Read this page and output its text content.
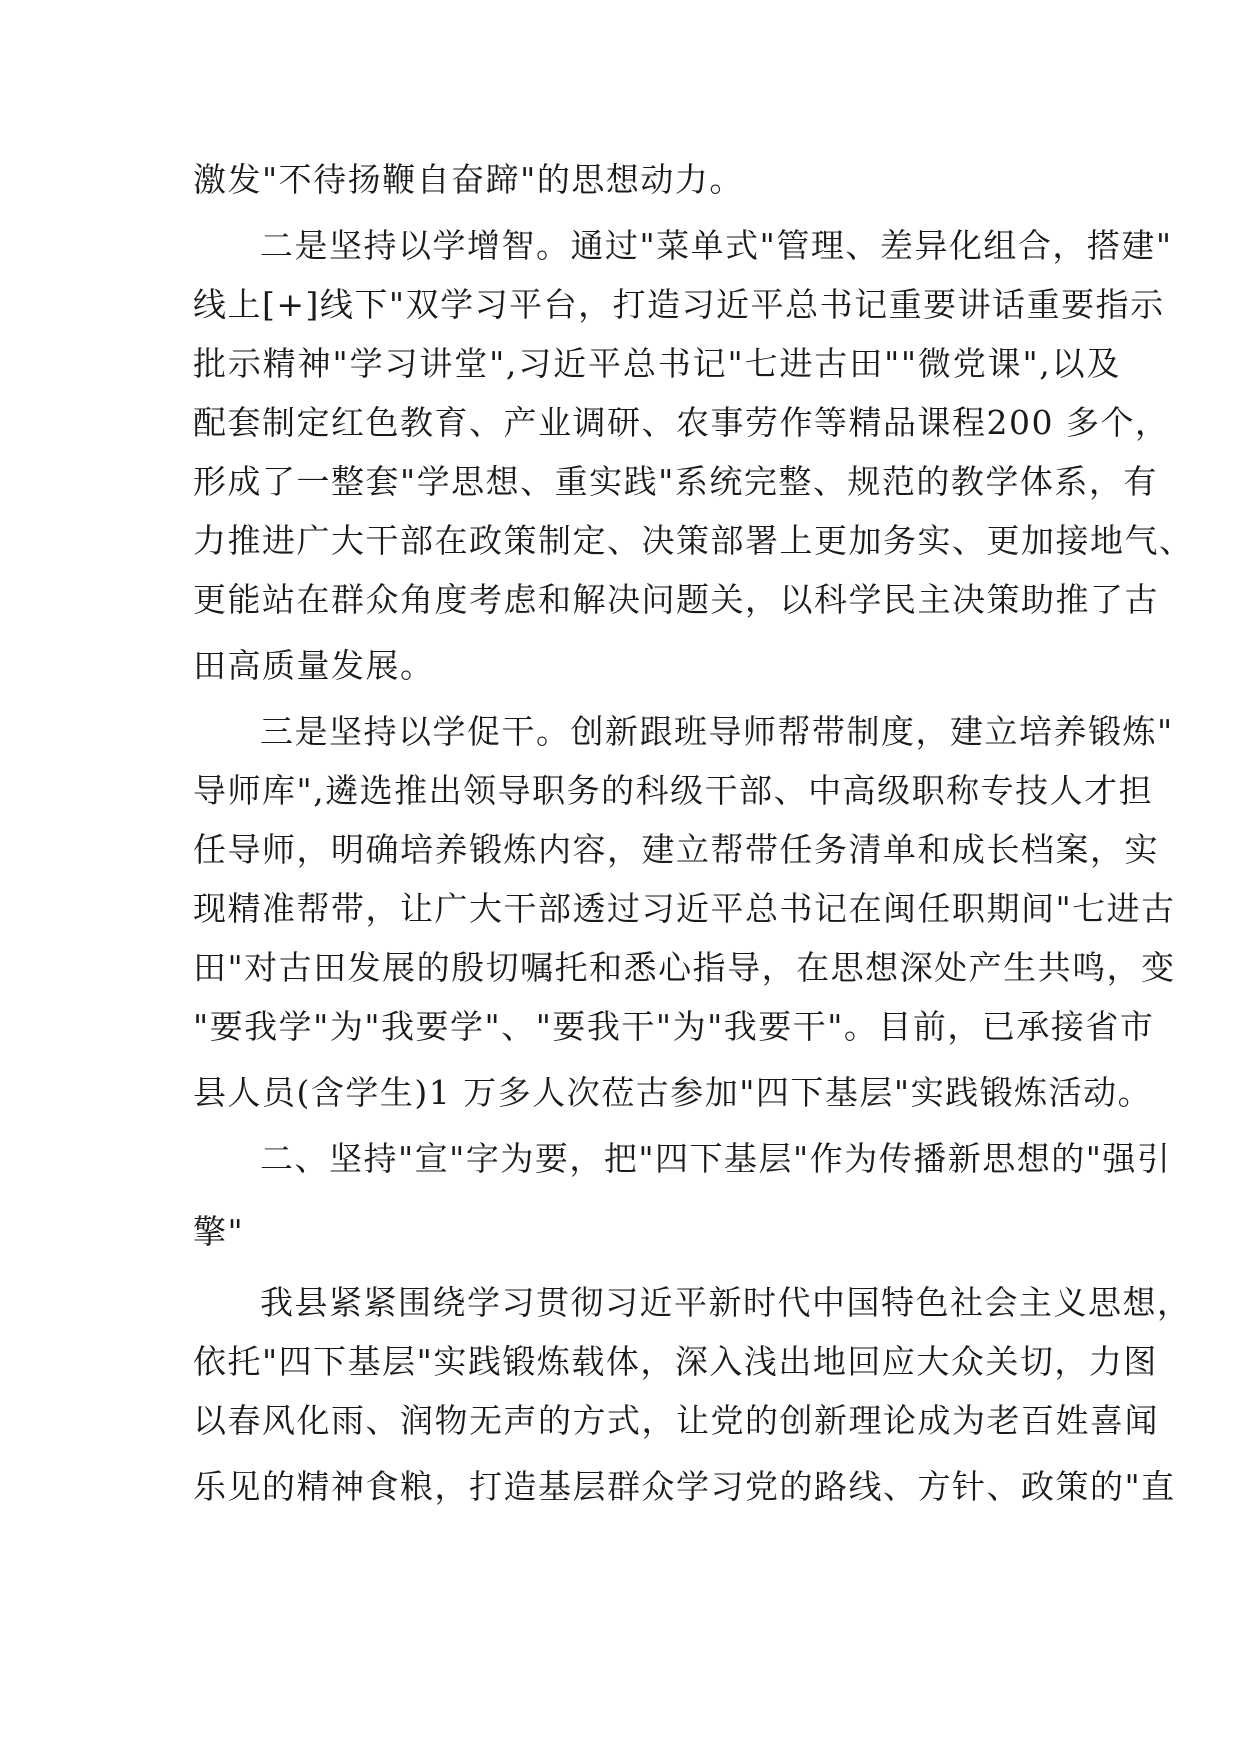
激发"不待扬鞭自奋蹄"的思想动力。
二是坚持以学增智。通过"菜单式"管理、差异化组合，搭建"
线上[+]线下"双学习平台，打造习近平总书记重要讲话重要指示
批示精神"学习讲堂",习近平总书记"七进古田""微党课",以及
配套制定红色教育、产业调研、农事劳作等精品课程200 多个，
形成了一整套"学思想、重实践"系统完整、规范的教学体系，有
力推进广大干部在政策制定、决策部署上更加务实、更加接地气、
更能站在群众角度考虑和解决问题关，以科学民主决策助推了古
田高质量发展。
三是坚持以学促干。创新跟班导师帮带制度，建立培养锻炼"
导师库",遴选推出领导职务的科级干部、中高级职称专技人才担
任导师，明确培养锻炼内容，建立帮带任务清单和成长档案，实
现精准帮带，让广大干部透过习近平总书记在闽任职期间"七进古
田"对古田发展的殷切嘱托和悉心指导，在思想深处产生共鸣，变
"要我学"为"我要学"、"要我干"为"我要干"。目前，已承接省市
县人员(含学生)1 万多人次莅古参加"四下基层"实践锻炼活动。
二、坚持"宣"字为要，把"四下基层"作为传播新思想的"强引
擎"
我县紧紧围绕学习贯彻习近平新时代中国特色社会主义思想，
依托"四下基层"实践锻炼载体，深入浅出地回应大众关切，力图
以春风化雨、润物无声的方式，让党的创新理论成为老百姓喜闻
乐见的精神食粮，打造基层群众学习党的路线、方针、政策的"直
